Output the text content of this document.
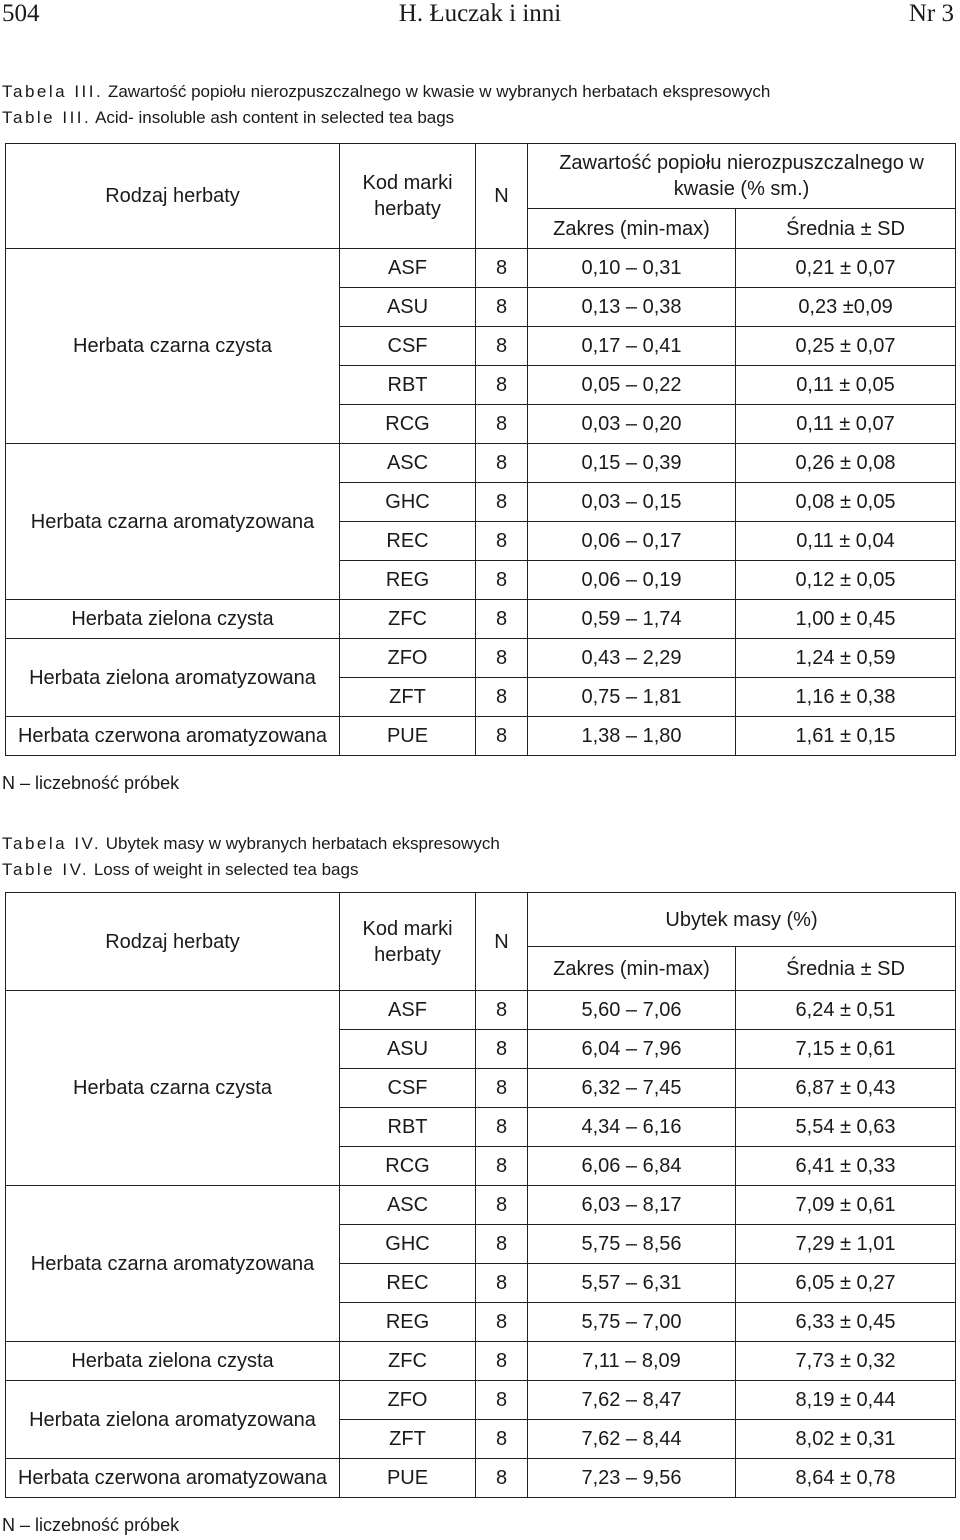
504	H. Łuczak i inni	Nr 3
Tabela III. Zawartość popiołu nierozpuszczalnego w kwasie w wybranych herbatach ekspresowych
Table III. Acid- insoluble ash content in selected tea bags
Rodzaj herbaty	Kod marki herbaty	N	Zawartość popiołu nierozpuszczalnego w kwasie (% sm.)	
			Zakres (min-max)	Średnia ± SD
Herbata czarna czysta	ASF	8	0,10 – 0,31	0,21 ± 0,07
	ASU	8	0,13 – 0,38	0,23 ±0,09
	CSF	8	0,17 – 0,41	0,25 ± 0,07
	RBT	8	0,05 – 0,22	0,11 ± 0,05
	RCG	8	0,03 – 0,20	0,11 ± 0,07
Herbata czarna aromatyzowana	ASC	8	0,15 – 0,39	0,26 ± 0,08
	GHC	8	0,03 – 0,15	0,08 ± 0,05
	REC	8	0,06 – 0,17	0,11 ± 0,04
	REG	8	0,06 – 0,19	0,12 ± 0,05
Herbata zielona czysta	ZFC	8	0,59 – 1,74	1,00 ± 0,45
Herbata zielona aromatyzowana	ZFO	8	0,43 – 2,29	1,24 ± 0,59
	ZFT	8	0,75 – 1,81	1,16 ± 0,38
Herbata czerwona aromatyzowana	PUE	8	1,38 – 1,80	1,61 ± 0,15
N – liczebność próbek
Tabela IV. Ubytek masy w wybranych herbatach ekspresowych
Table IV. Loss of weight in selected tea bags
Rodzaj herbaty	Kod marki herbaty	N	Ubytek masy (%)	
			Zakres (min-max)	Średnia ± SD
Herbata czarna czysta	ASF	8	5,60 – 7,06	6,24 ± 0,51
	ASU	8	6,04 – 7,96	7,15 ± 0,61
	CSF	8	6,32 – 7,45	6,87 ± 0,43
	RBT	8	4,34 – 6,16	5,54 ± 0,63
	RCG	8	6,06 – 6,84	6,41 ± 0,33
Herbata czarna aromatyzowana	ASC	8	6,03 – 8,17	7,09 ± 0,61
	GHC	8	5,75 – 8,56	7,29 ± 1,01
	REC	8	5,57 – 6,31	6,05 ± 0,27
	REG	8	5,75 – 7,00	6,33 ± 0,45
Herbata zielona czysta	ZFC	8	7,11 – 8,09	7,73 ± 0,32
Herbata zielona aromatyzowana	ZFO	8	7,62 – 8,47	8,19 ± 0,44
	ZFT	8	7,62 – 8,44	8,02 ± 0,31
Herbata czerwona aromatyzowana	PUE	8	7,23 – 9,56	8,64 ± 0,78
N – liczebność próbek
